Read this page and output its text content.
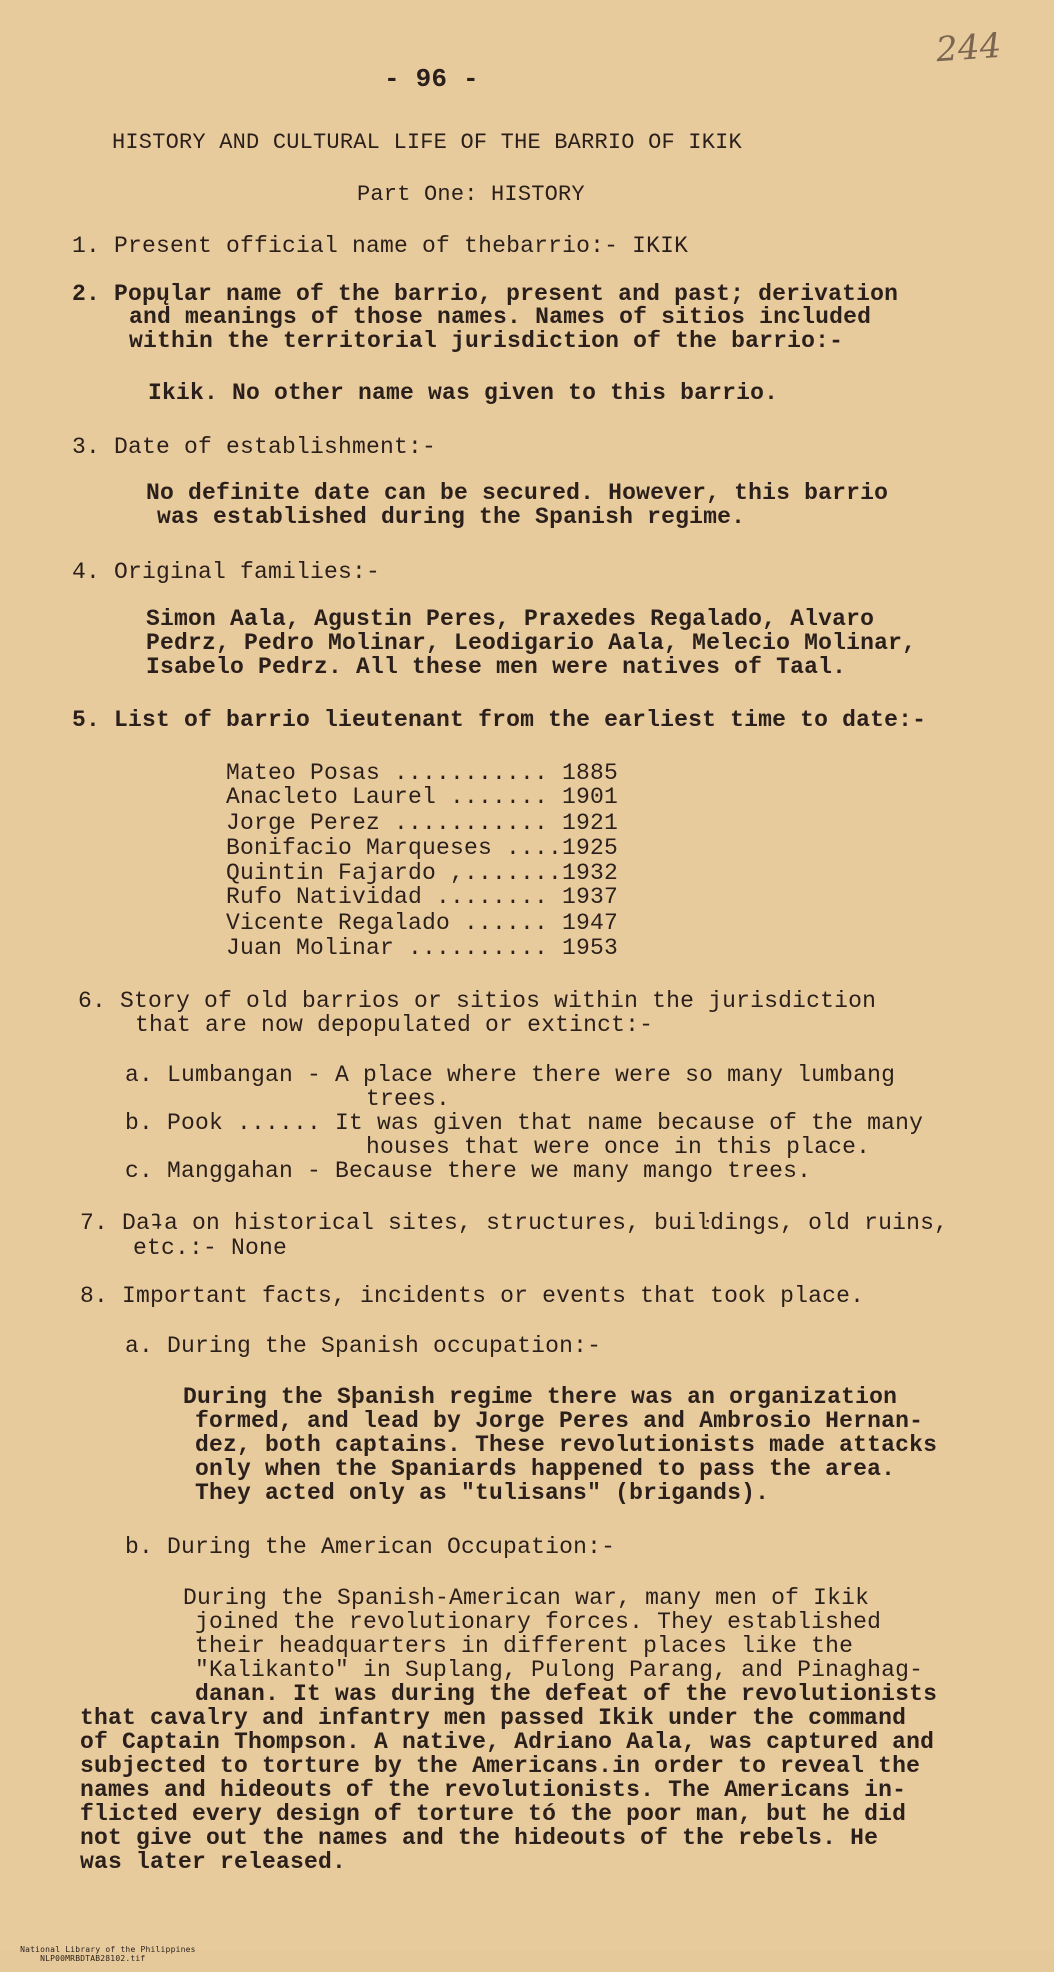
244
- 96 -
HISTORY AND CULTURAL LIFE OF THE BARRIO OF IKIK
Part One: HISTORY
1. Present official name of thebarrio:- IKIK
2. Popųlar name of the barrio, present and past; derivation
and meanings of those names. Names of sitios included
within the territorial jurisdiction of the barrio:-
Ikik. No other name was given to this barrio.
3. Date of establishment:-
No definite date can be secured. However, this barrio
was established during the Spanish regime.
4. Original families:-
Simon Aala, Agustin Peres, Praxedes Regalado, Alvaro
Pedrz, Pedro Molinar, Leodigario Aala, Melecio Molinar,
Isabelo Pedrz. All these men were natives of Taal.
5. List of barrio lieutenant from the earliest time to date:-
Mateo Posas ........... 1885
Anacleto Laurel ....... 1901
Jorge Perez ........... 1921
Bonifacio Marqueses ....1925
Quintin Fajardo ,.......1932
Rufo Natividad ........ 1937
Vicente Regalado ...... 1947
Juan Molinar .......... 1953
6. Story of old barrios or sitios within the jurisdiction
that are now depopulated or extinct:-
a. Lumbangan - A place where there were so many lumbang
trees.
b. Pook ...... It was given that name because of the many
houses that were once in this place.
c. Manggahan - Because there we many mango trees.
7. Daʇa on historical sites, structures, buiŀdings, old ruins,
etc.:- None
8. Important facts, incidents or events that took place.
a. During the Spanish occupation:-
During the Sþanish regime there was an organization
formed, and lead by Jorge Peres and Ambrosio Hernan-
dez, both captains. These revolutionists made attacks
only when the Spaniards happened to pass the area.
They acted only as "tulisans" (brigands).
b. During the American Occupation:-
During the Spanish-American war, many men of Ikik
joined the revolutionary forces. They established
their headquarters in different places like the
"Kalikanto" in Suplang, Pulong Parang, and Pinaghag-
danan. It was during the defeat of the revolutionists
that cavalry and infantry men passed Ikik under the command
of Captain Thompson. A native, Adriano Aala, was captured and
subjected to torture by the Americans.in order to reveal the
names and hideouts of the revolutionists. The Americans in-
flicted every design of torture tó the poor man, but he did
not give out the names and the hideouts of the rebels. He
was later released.

National Library of the Philippines
NLP00MRBDTAB28102.tif
